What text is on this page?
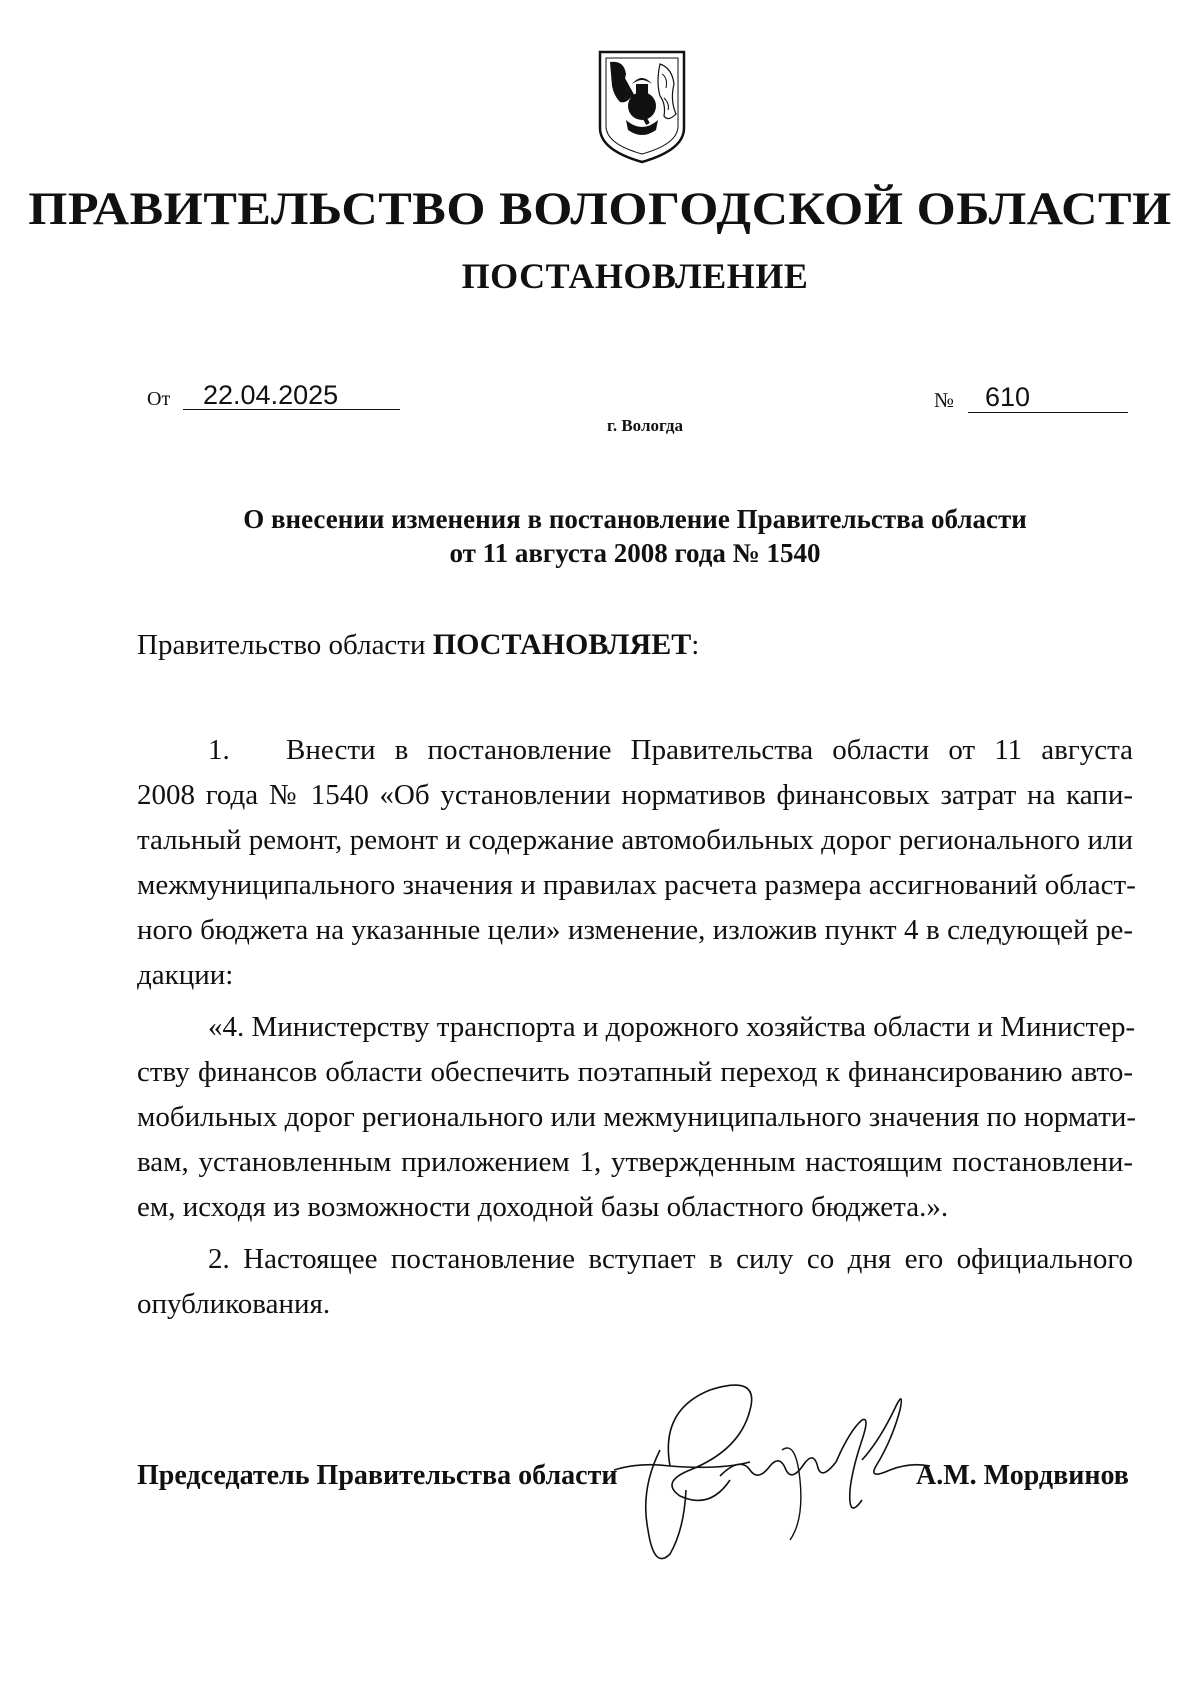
ПРАВИТЕЛЬСТВО ВОЛОГОДСКОЙ ОБЛАСТИ
ПОСТАНОВЛЕНИЕ
От 22.04.2025	№ 610
г. Вологда
О внесении изменения в постановление Правительства области
от 11 августа 2008 года № 1540
Правительство области ПОСТАНОВЛЯЕТ:
1. Внести в постановление Правительства области от 11 августа
2008 года № 1540 «Об установлении нормативов финансовых затрат на капи-
тальный ремонт, ремонт и содержание автомобильных дорог регионального или
межмуниципального значения и правилах расчета размера ассигнований област-
ного бюджета на указанные цели» изменение, изложив пункт 4 в следующей ре-
дакции:
«4. Министерству транспорта и дорожного хозяйства области и Министер-
ству финансов области обеспечить поэтапный переход к финансированию авто-
мобильных дорог регионального или межмуниципального значения по нормати-
вам, установленным приложением 1, утвержденным настоящим постановлени-
ем, исходя из возможности доходной базы областного бюджета.».
2. Настоящее постановление вступает в силу со дня его официального
опубликования.
Председатель Правительства области	А.М. Мордвинов
